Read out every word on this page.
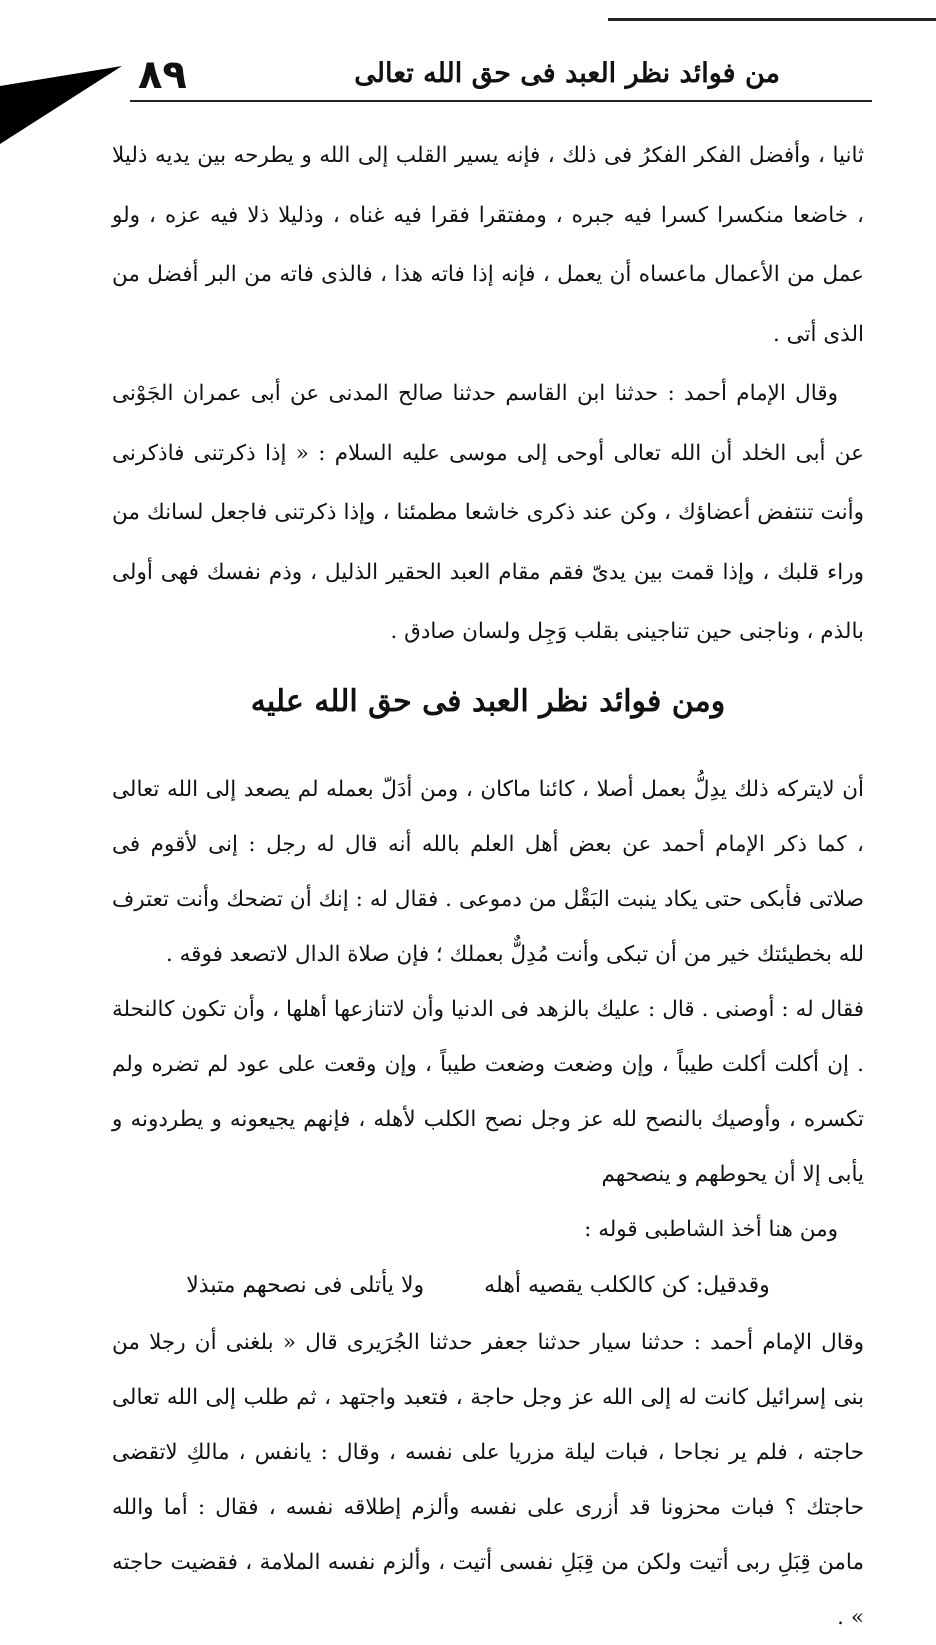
من فوائد نظر العبد فى حق الله تعالى
٨٩

ثانيا ، وأفضل الفكر الفكرُ فى ذلك ، فإنه يسير القلب إلى الله و يطرحه بين يديه ذليلا ، خاضعا منكسرا كسرا فيه جبره ، ومفتقرا فقرا فيه غناه ، وذليلا ذلا فيه عزه ، ولو عمل من الأعمال ماعساه أن يعمل ، فإنه إذا فاته هذا ، فالذى فاته من البر أفضل من الذى أتى .

وقال الإمام أحمد : حدثنا ابن القاسم حدثنا صالح المدنى عن أبى عمران الجَوْنى عن أبى الخلد أن الله تعالى أوحى إلى موسى عليه السلام : « إذا ذكرتنى فاذكرنى وأنت تنتفض أعضاؤك ، وكن عند ذكرى خاشعا مطمئنا ، وإذا ذكرتنى فاجعل لسانك من وراء قلبك ، وإذا قمت بين يدىّ فقم مقام العبد الحقير الذليل ، وذم نفسك فهى أولى بالذم ، وناجنى حين تناجينى بقلب وَجِل ولسان صادق .

ومن فوائد نظر العبد فى حق الله عليه

أن لايتركه ذلك يدِلُّ بعمل أصلا ، كائنا ماكان ، ومن أدَلّ بعمله لم يصعد إلى الله تعالى ، كما ذكر الإمام أحمد عن بعض أهل العلم بالله أنه قال له رجل : إنى لأقوم فى صلاتى فأبكى حتى يكاد ينبت البَقْل من دموعى . فقال له : إنك أن تضحك وأنت تعترف لله بخطيئتك خير من أن تبكى وأنت مُدِلٌّ بعملك ؛ فإن صلاة الدال لاتصعد فوقه .

فقال له : أوصنى . قال : عليك بالزهد فى الدنيا وأن لاتنازعها أهلها ، وأن تكون كالنحلة . إن أكلت أكلت طيباً ، وإن وضعت وضعت طيباً ، وإن وقعت على عود لم تضره ولم تكسره ، وأوصيك بالنصح لله عز وجل نصح الكلب لأهله ، فإنهم يجيعونه و يطردونه و يأبى إلا أن يحوطهم و ينصحهم

ومن هنا أخذ الشاطبى قوله :

وقدقيل: كن كالكلب يقصيه أهله
ولا يأتلى فى نصحهم متبذلا

وقال الإمام أحمد : حدثنا سيار حدثنا جعفر حدثنا الجُرَيرى قال « بلغنى أن رجلا من بنى إسرائيل كانت له إلى الله عز وجل حاجة ، فتعبد واجتهد ، ثم طلب إلى الله تعالى حاجته ، فلم ير نجاحا ، فبات ليلة مزريا على نفسه ، وقال : يانفس ، مالكِ لاتقضى حاجتك ؟ فبات محزونا قد أزرى على نفسه وألزم إطلاقه نفسه ، فقال : أما والله مامن قِبَلِ ربى أتيت ولكن من قِبَلِ نفسى أتيت ، وألزم نفسه الملامة ، فقضيت حاجته » .
